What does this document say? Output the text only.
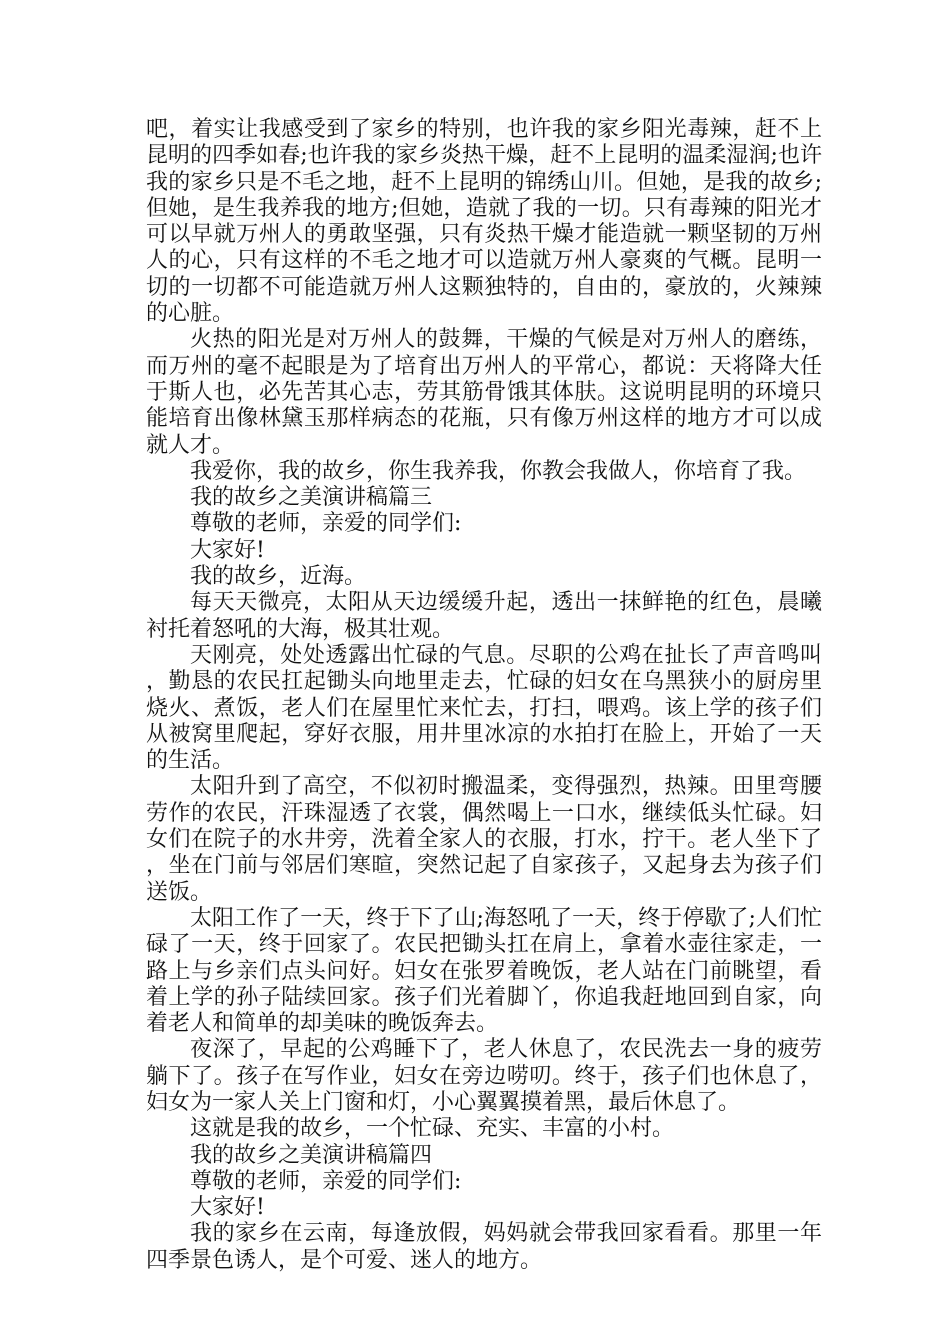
吧，着实让我感受到了家乡的特别，也许我的家乡阳光毒辣，赶不上昆明的四季如春;也许我的家乡炎热干燥，赶不上昆明的温柔湿润;也许我的家乡只是不毛之地，赶不上昆明的锦绣山川。但她，是我的故乡;但她，是生我养我的地方;但她，造就了我的一切。只有毒辣的阳光才可以早就万州人的勇敢坚强，只有炎热干燥才能造就一颗坚韧的万州人的心，只有这样的不毛之地才可以造就万州人豪爽的气概。昆明一切的一切都不可能造就万州人这颗独特的，自由的，豪放的，火辣辣的心脏。

火热的阳光是对万州人的鼓舞，干燥的气候是对万州人的磨练，而万州的毫不起眼是为了培育出万州人的平常心，都说：天将降大任于斯人也，必先苦其心志，劳其筋骨饿其体肤。这说明昆明的环境只能培育出像林黛玉那样病态的花瓶，只有像万州这样的地方才可以成就人才。

我爱你，我的故乡，你生我养我，你教会我做人，你培育了我。

我的故乡之美演讲稿篇三

尊敬的老师，亲爱的同学们:

大家好!

我的故乡，近海。

每天天微亮，太阳从天边缓缓升起，透出一抹鲜艳的红色，晨曦衬托着怒吼的大海，极其壮观。

天刚亮，处处透露出忙碌的气息。尽职的公鸡在扯长了声音鸣叫，勤恳的农民扛起锄头向地里走去，忙碌的妇女在乌黑狭小的厨房里烧火、煮饭，老人们在屋里忙来忙去，打扫，喂鸡。该上学的孩子们从被窝里爬起，穿好衣服，用井里冰凉的水拍打在脸上，开始了一天的生活。

太阳升到了高空，不似初时搬温柔，变得强烈，热辣。田里弯腰劳作的农民，汗珠湿透了衣裳，偶然喝上一口水，继续低头忙碌。妇女们在院子的水井旁，洗着全家人的衣服，打水，拧干。老人坐下了，坐在门前与邻居们寒暄，突然记起了自家孩子，又起身去为孩子们送饭。

太阳工作了一天，终于下了山;海怒吼了一天，终于停歇了;人们忙碌了一天，终于回家了。农民把锄头扛在肩上，拿着水壶往家走，一路上与乡亲们点头问好。妇女在张罗着晚饭，老人站在门前眺望，看着上学的孙子陆续回家。孩子们光着脚丫，你追我赶地回到自家，向着老人和简单的却美味的晚饭奔去。

夜深了，早起的公鸡睡下了，老人休息了，农民洗去一身的疲劳躺下了。孩子在写作业，妇女在旁边唠叨。终于，孩子们也休息了，妇女为一家人关上门窗和灯，小心翼翼摸着黑，最后休息了。

这就是我的故乡，一个忙碌、充实、丰富的小村。

我的故乡之美演讲稿篇四

尊敬的老师，亲爱的同学们:

大家好!

我的家乡在云南，每逢放假，妈妈就会带我回家看看。那里一年四季景色诱人，是个可爱、迷人的地方。
